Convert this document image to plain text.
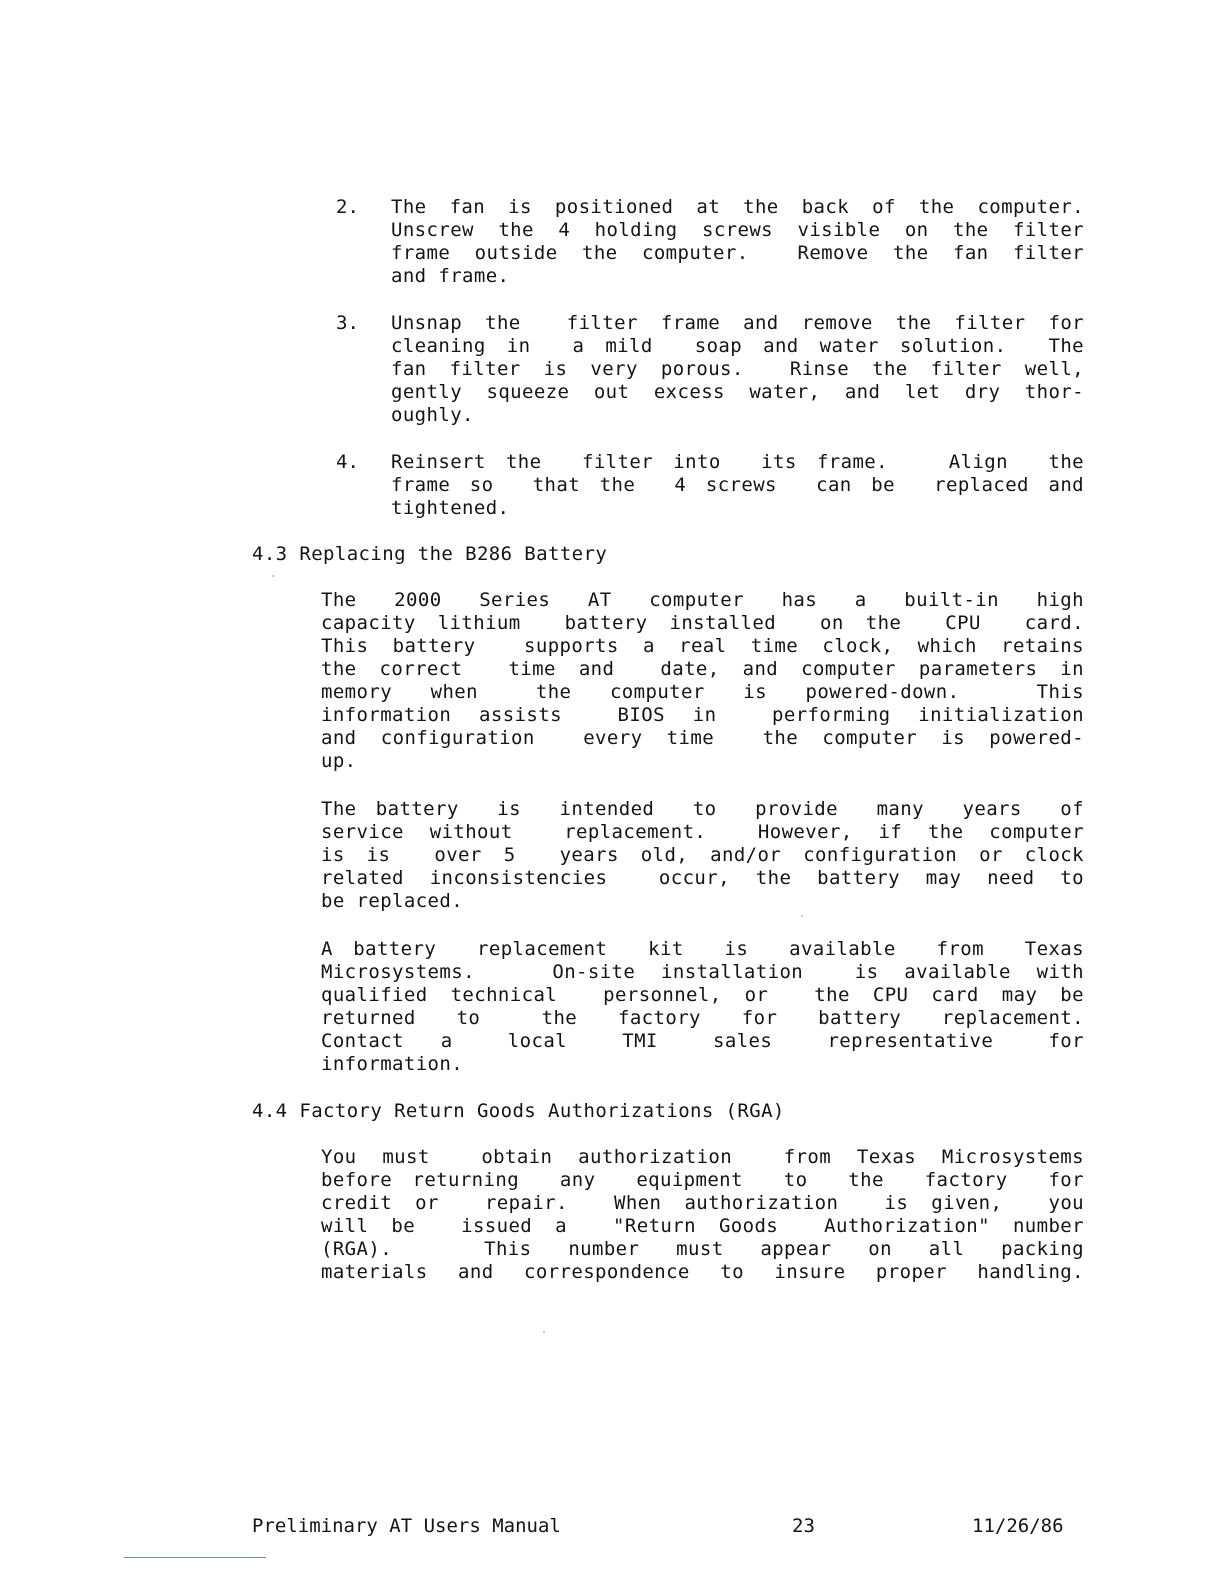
2. The fan is positioned at the back of the computer.
Unscrew the 4 holding screws visible on the filter
frame outside the computer.  Remove the fan filter
and frame.
3. Unsnap the  filter frame and remove the filter for
cleaning in  a mild  soap and water solution.  The
fan filter is very porous.  Rinse the filter well,
gently squeeze out excess water, and let dry thor-
oughly.
4. Reinsert the  filter into  its frame.   Align  the
frame so  that the  4 screws  can be  replaced and
tightened.
4.3 Replacing the B286 Battery
The  2000  Series  AT  computer  has  a  built-in  high
capacity lithium  battery installed  on the  CPU  card.
This battery  supports a real time clock, which retains
the correct  time and  date, and computer parameters in
memory  when   the  computer  is  powered-down.    This
information assists  BIOS in  performing initialization
and configuration  every time  the computer is powered-
up.
The battery  is  intended  to  provide  many  years  of
service without  replacement.  However, if the computer
is is  over 5  years old, and/or configuration or clock
related inconsistencies  occur, the battery may need to
be replaced.
A battery  replacement  kit  is  available  from  Texas
Microsystems.   On-site installation  is available with
qualified technical  personnel, or  the CPU card may be
returned  to   the  factory  for  battery  replacement.
Contact  a   local   TMI   sales   representative   for
information.
4.4 Factory Return Goods Authorizations (RGA)
You must  obtain authorization  from Texas Microsystems
before returning  any  equipment  to  the  factory  for
credit or  repair.  When authorization  is given,  you
will be  issued a  "Return Goods  Authorization" number
(RGA).     This  number  must  appear  on  all  packing
materials and correspondence to insure proper handling.
Preliminary AT Users Manual	23	11/26/86
